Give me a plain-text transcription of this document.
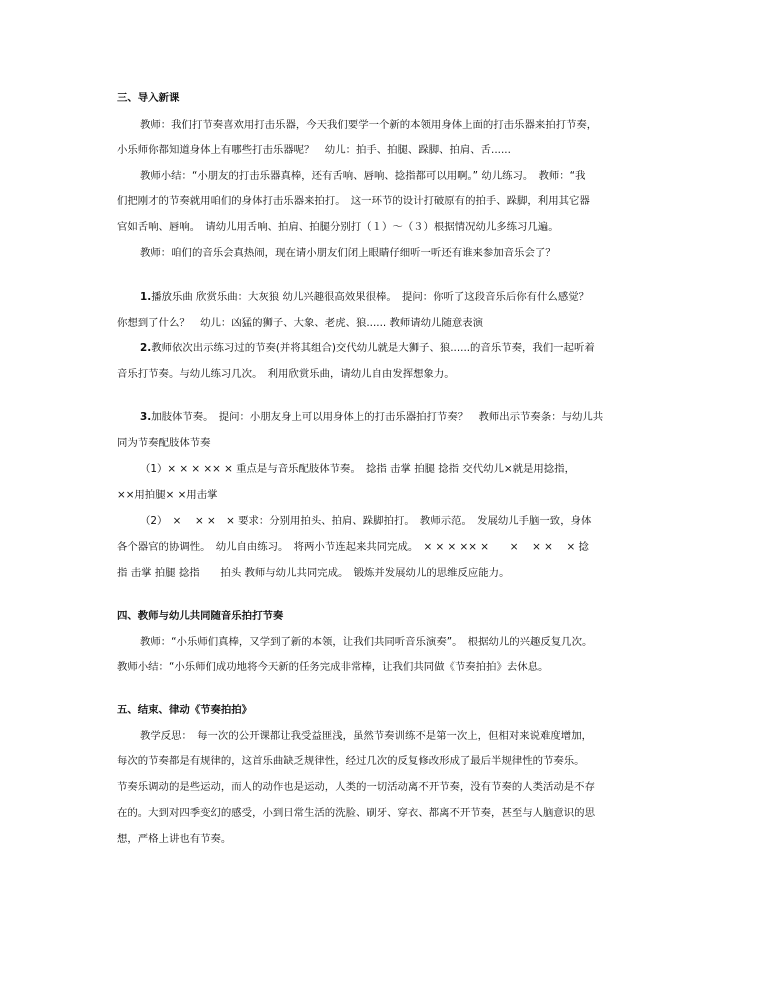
三、导入新课

教师：我们打节奏喜欢用打击乐器，今天我们要学一个新的本领用身体上面的打击乐器来拍打节奏，

小乐师你都知道身体上有哪些打击乐器呢？　幼儿：拍手、拍腿、跺脚、拍肩、舌......

教师小结：“小朋友的打击乐器真棒，还有舌响、唇响、捻指都可以用啊。” 幼儿练习。　教师：“我

们把刚才的节奏就用咱们的身体打击乐器来拍打。　这一环节的设计打破原有的拍手、跺脚，利用其它器

官如舌响、唇响。　请幼儿用舌响、拍肩、拍腿分别打（１）～（３）根据情况幼儿多练习几遍。

教师：咱们的音乐会真热闹，现在请小朋友们闭上眼睛仔细听一听还有谁来参加音乐会了？

1.播放乐曲 欣赏乐曲：大灰狼 幼儿兴趣很高效果很棒。　提问：你听了这段音乐后你有什么感觉？

你想到了什么？　幼儿：凶猛的狮子、大象、老虎、狼...... 教师请幼儿随意表演

2.教师依次出示练习过的节奏(并将其组合)交代幼儿就是大狮子、狼......的音乐节奏，我们一起听着

音乐打节奏。与幼儿练习几次。　利用欣赏乐曲，请幼儿自由发挥想象力。

3.加肢体节奏。　提问：小朋友身上可以用身体上的打击乐器拍打节奏？　教师出示节奏条：与幼儿共

同为节奏配肢体节奏

（1）× × × ×× × 重点是与音乐配肢体节奏。　捻指 击掌 拍腿 捻指 交代幼儿×就是用捻指，

××用拍腿× ×用击掌

（2）　×　 × ×　× 要求：分别用拍头、拍肩、跺脚拍打。　教师示范。　发展幼儿手脑一致，身体

各个器官的协调性。　幼儿自由练习。　将两小节连起来共同完成。　× × × ×× ×　　×　 × ×　 × 捻

指 击掌 拍腿 捻指　　拍头 教师与幼儿共同完成。　锻炼并发展幼儿的思维反应能力。

四、教师与幼儿共同随音乐拍打节奏

教师：“小乐师们真棒，又学到了新的本领，让我们共同听音乐演奏”。　根据幼儿的兴趣反复几次。

教师小结：“小乐师们成功地将今天新的任务完成非常棒，让我们共同做《节奏拍拍》去休息。

五、结束、律动《节奏拍拍》

教学反思：　每一次的公开课都让我受益匪浅，虽然节奏训练不是第一次上，但相对来说难度增加，

每次的节奏都是有规律的，这首乐曲缺乏规律性，经过几次的反复修改形成了最后半规律性的节奏乐。

节奏乐调动的是些运动，而人的动作也是运动，人类的一切活动离不开节奏，没有节奏的人类活动是不存

在的。大到对四季变幻的感受，小到日常生活的洗脸、刷牙、穿衣、都离不开节奏，甚至与人脑意识的思

想，严格上讲也有节奏。
